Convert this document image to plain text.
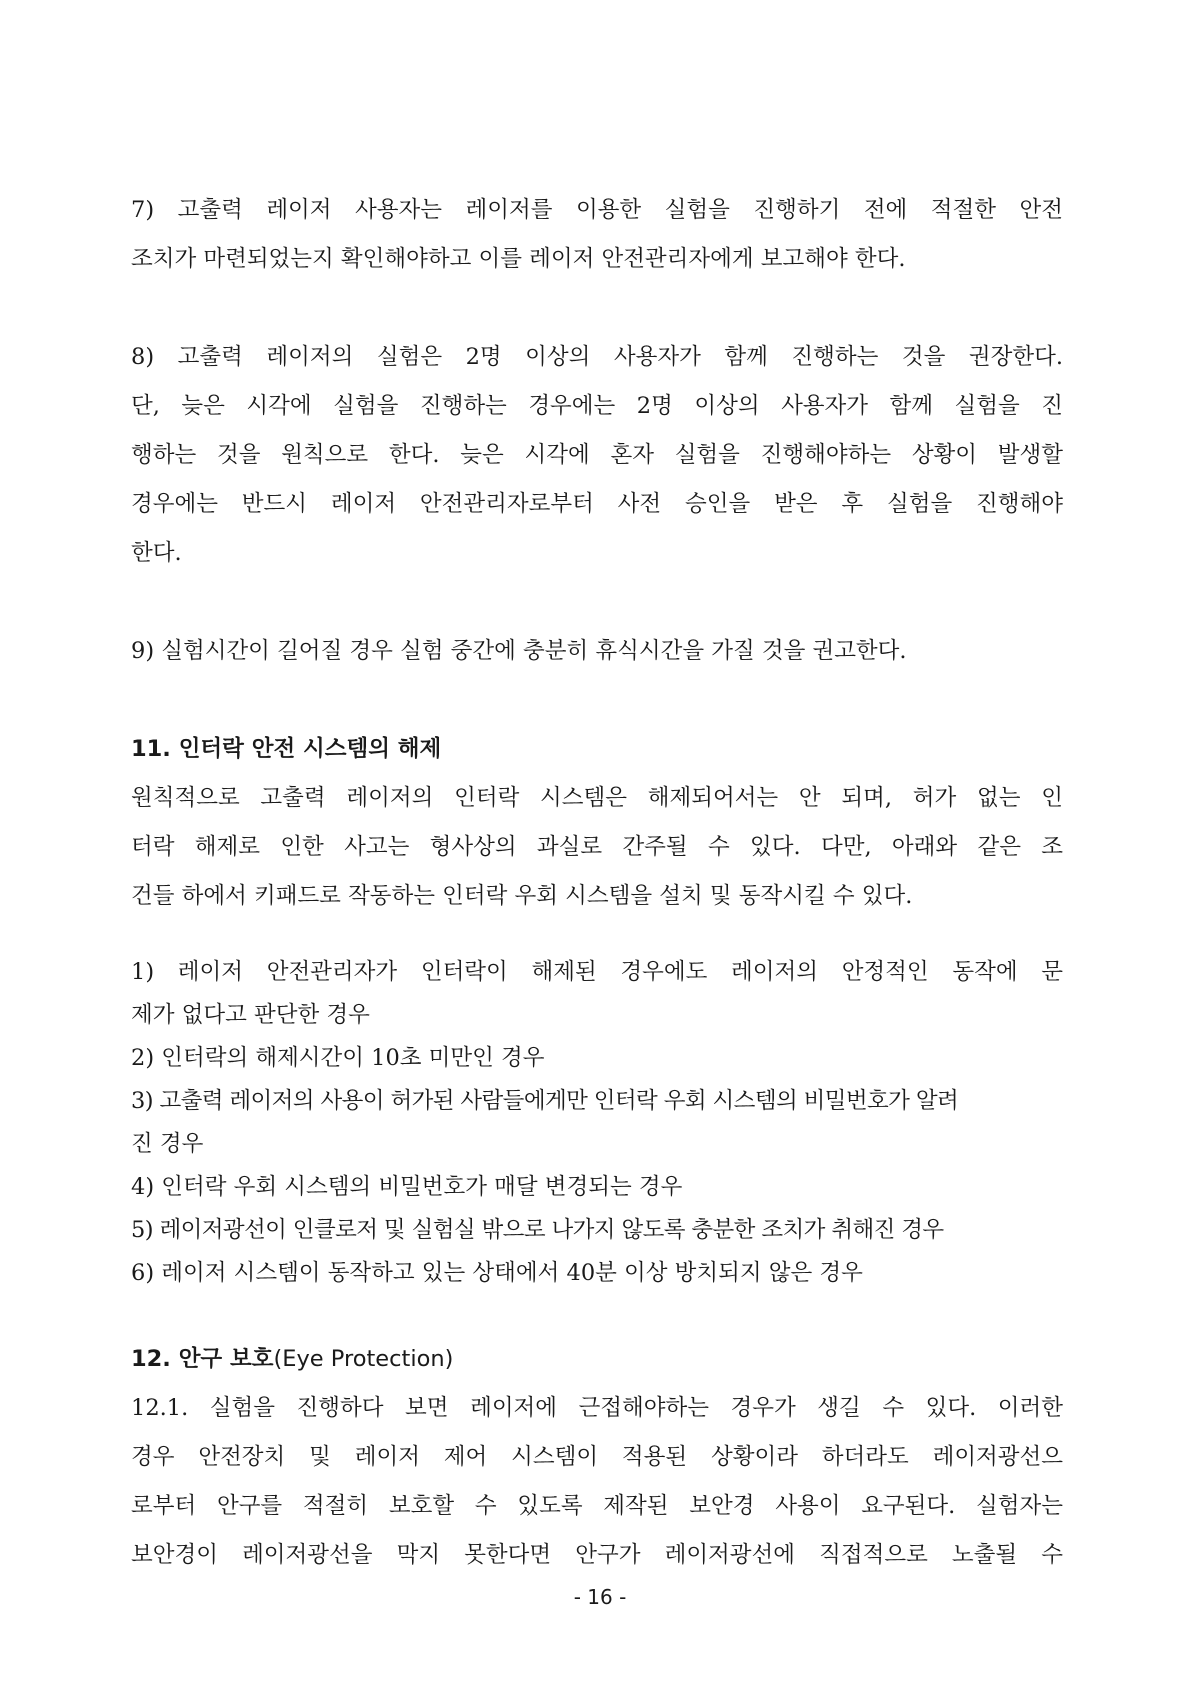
7) 고출력 레이저 사용자는 레이저를 이용한 실험을 진행하기 전에 적절한 안전
조치가 마련되었는지 확인해야하고 이를 레이저 안전관리자에게 보고해야 한다.
8) 고출력 레이저의 실험은 2명 이상의 사용자가 함께 진행하는 것을 권장한다.
단, 늦은 시각에 실험을 진행하는 경우에는 2명 이상의 사용자가 함께 실험을 진
행하는 것을 원칙으로 한다. 늦은 시각에 혼자 실험을 진행해야하는 상황이 발생할
경우에는 반드시 레이저 안전관리자로부터 사전 승인을 받은 후 실험을 진행해야
한다.
9) 실험시간이 길어질 경우 실험 중간에 충분히 휴식시간을 가질 것을 권고한다.
11. 인터락 안전 시스템의 해제
원칙적으로 고출력 레이저의 인터락 시스템은 해제되어서는 안 되며, 허가 없는 인
터락 해제로 인한 사고는 형사상의 과실로 간주될 수 있다. 다만, 아래와 같은 조
건들 하에서 키패드로 작동하는 인터락 우회 시스템을 설치 및 동작시킬 수 있다.
1) 레이저 안전관리자가 인터락이 해제된 경우에도 레이저의 안정적인 동작에 문
제가 없다고 판단한 경우
2) 인터락의 해제시간이 10초 미만인 경우
3) 고출력 레이저의 사용이 허가된 사람들에게만 인터락 우회 시스템의 비밀번호가 알려
진 경우
4) 인터락 우회 시스템의 비밀번호가 매달 변경되는 경우
5) 레이저광선이 인클로저 및 실험실 밖으로 나가지 않도록 충분한 조치가 취해진 경우
6) 레이저 시스템이 동작하고 있는 상태에서 40분 이상 방치되지 않은 경우
12. 안구 보호(Eye Protection)
12.1. 실험을 진행하다 보면 레이저에 근접해야하는 경우가 생길 수 있다. 이러한
경우 안전장치 및 레이저 제어 시스템이 적용된 상황이라 하더라도 레이저광선으
로부터 안구를 적절히 보호할 수 있도록 제작된 보안경 사용이 요구된다. 실험자는
보안경이 레이저광선을 막지 못한다면 안구가 레이저광선에 직접적으로 노출될 수
- 16 -
